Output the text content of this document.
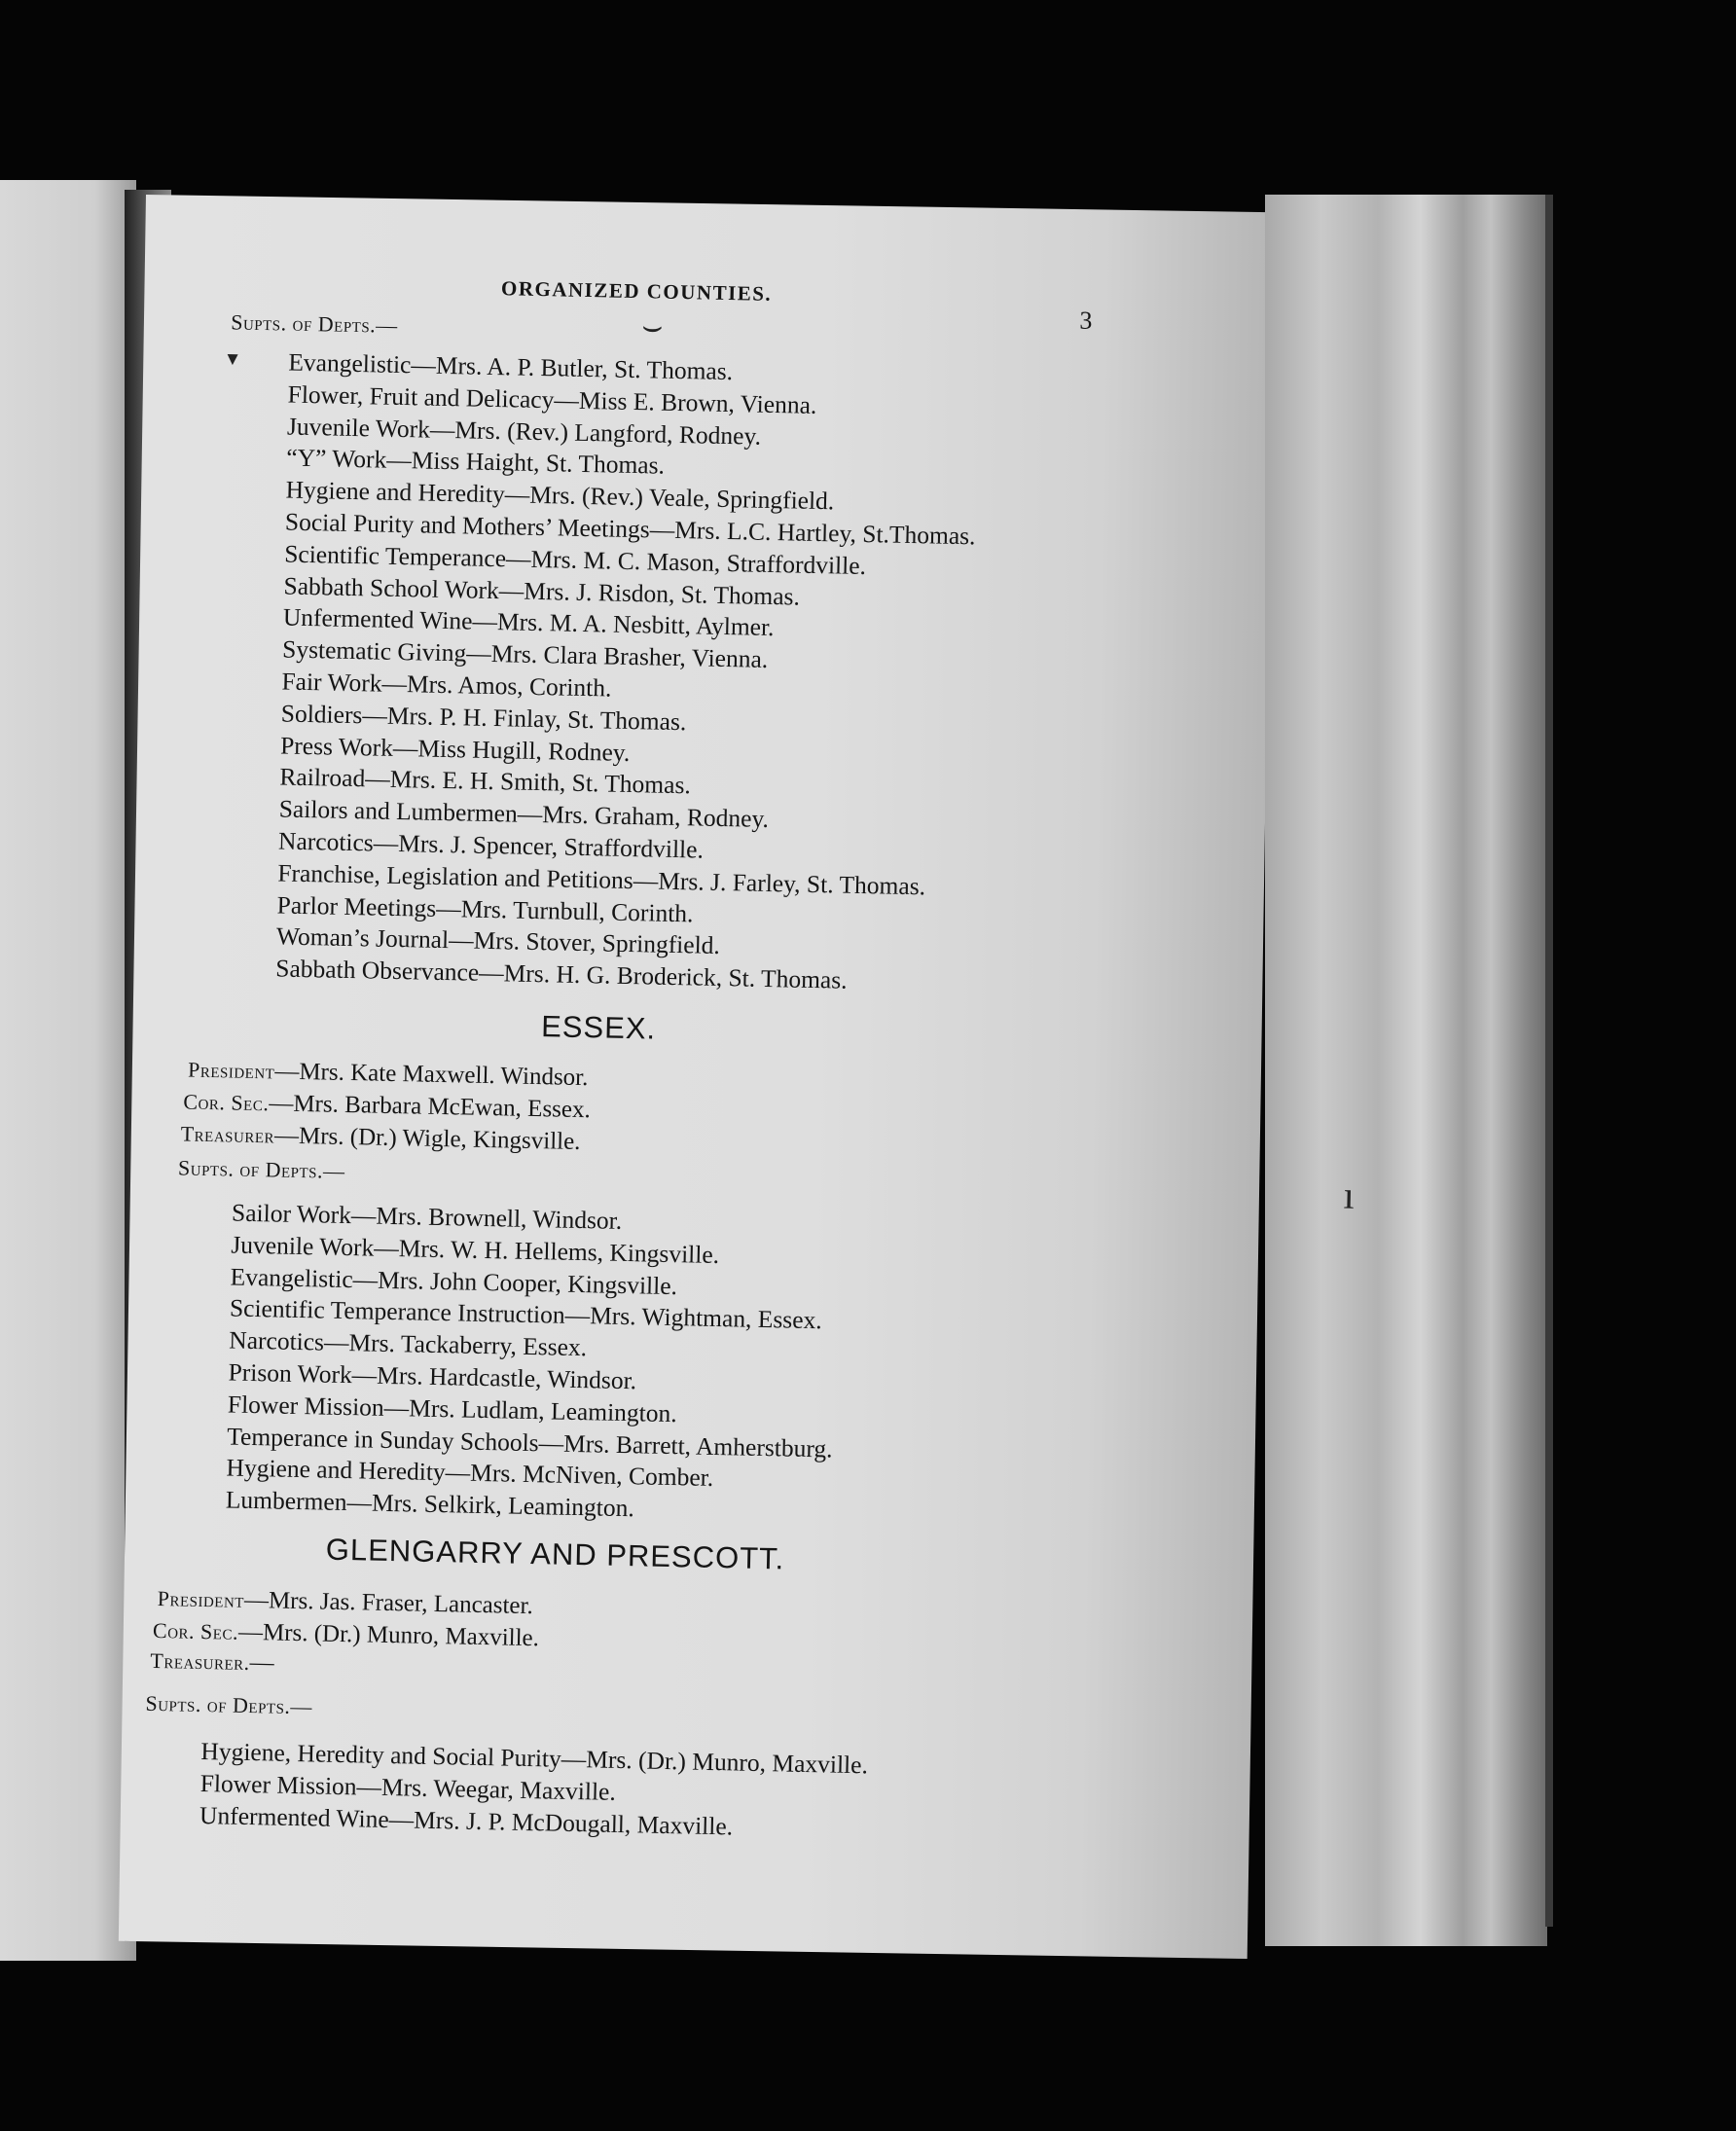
ORGANIZED COUNTIES.
3
Supts. of Depts.—
▾ Evangelistic—Mrs. A. P. Butler, St. Thomas.
Flower, Fruit and Delicacy—Miss E. Brown, Vienna.
Juvenile Work—Mrs. (Rev.) Langford, Rodney.
“Y” Work—Miss Haight, St. Thomas.
Hygiene and Heredity—Mrs. (Rev.) Veale, Springfield.
Social Purity and Mothers’ Meetings—Mrs. L.C. Hartley, St.Thomas.
Scientific Temperance—Mrs. M. C. Mason, Straffordville.
Sabbath School Work—Mrs. J. Risdon, St. Thomas.
Unfermented Wine—Mrs. M. A. Nesbitt, Aylmer.
Systematic Giving—Mrs. Clara Brasher, Vienna.
Fair Work—Mrs. Amos, Corinth.
Soldiers—Mrs. P. H. Finlay, St. Thomas.
Press Work—Miss Hugill, Rodney.
Railroad—Mrs. E. H. Smith, St. Thomas.
Sailors and Lumbermen—Mrs. Graham, Rodney.
Narcotics—Mrs. J. Spencer, Straffordville.
Franchise, Legislation and Petitions—Mrs. J. Farley, St. Thomas.
Parlor Meetings—Mrs. Turnbull, Corinth.
Woman’s Journal—Mrs. Stover, Springfield.
Sabbath Observance—Mrs. H. G. Broderick, St. Thomas.
ESSEX.
President—Mrs. Kate Maxwell. Windsor.
Cor. Sec.—Mrs. Barbara McEwan, Essex.
Treasurer—Mrs. (Dr.) Wigle, Kingsville.
Supts. of Depts.—
Sailor Work—Mrs. Brownell, Windsor.
Juvenile Work—Mrs. W. H. Hellems, Kingsville.
Evangelistic—Mrs. John Cooper, Kingsville.
Scientific Temperance Instruction—Mrs. Wightman, Essex.
Narcotics—Mrs. Tackaberry, Essex.
Prison Work—Mrs. Hardcastle, Windsor.
Flower Mission—Mrs. Ludlam, Leamington.
Temperance in Sunday Schools—Mrs. Barrett, Amherstburg.
Hygiene and Heredity—Mrs. McNiven, Comber.
Lumbermen—Mrs. Selkirk, Leamington.
GLENGARRY AND PRESCOTT.
President—Mrs. Jas. Fraser, Lancaster.
Cor. Sec.—Mrs. (Dr.) Munro, Maxville.
Treasurer.—
Supts. of Depts.—
Hygiene, Heredity and Social Purity—Mrs. (Dr.) Munro, Maxville.
Flower Mission—Mrs. Weegar, Maxville.
Unfermented Wine—Mrs. J. P. McDougall, Maxville.
⌣
ı
